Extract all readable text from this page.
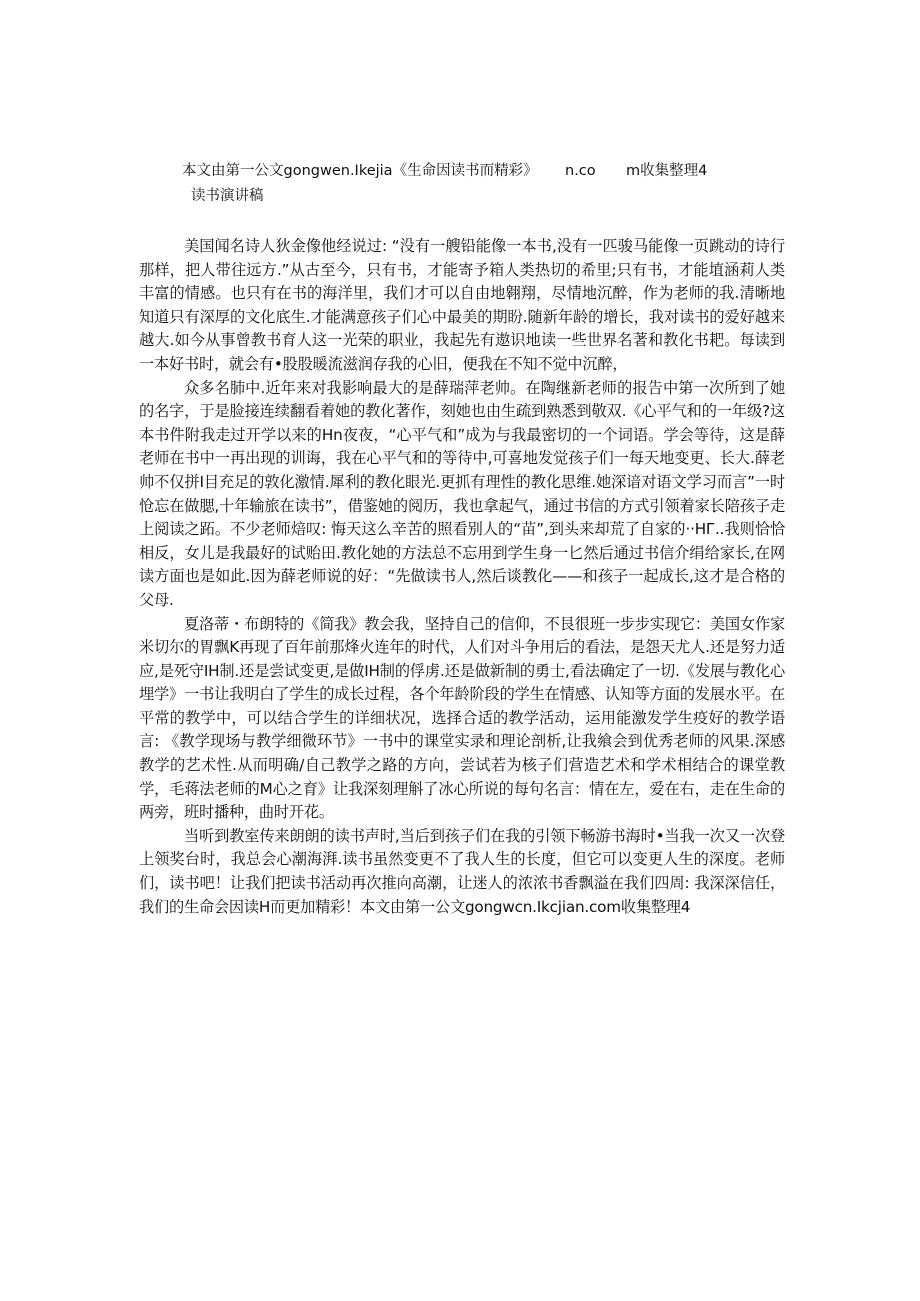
本文由第一公文gongwen.Ikejia《生命因读书而精彩》 n.co m收集整理4
读书演讲稿

美国闻名诗人狄金像他经说过: “没有一艘铅能像一本书,没有一匹骏马能像一页跳动的诗行那样，把人带往远方.”从古至今，只有书，才能寄予箱人类热切的希里;只有书，才能埴涵莉人类丰富的情感。也只有在书的海洋里，我们才可以自由地翱翔，尽情地沉醉，作为老师的我.清晰地知道只有深厚的文化底生.才能满意孩子们心中最美的期盼.随新年龄的增长，我对读书的爱好越来越大.如今从事曾教书育人这一光荣的职业，我起先有遨识地读一些世界名著和教化书耙。每读到一本好书时，就会有•股股暖流滋润存我的心旧，便我在不知不觉中沉醉，

众多名肺中.近年来对我影响最大的是薛瑞萍老帅。在陶继新老师的报告中第一次所到了她的名字，于是脸接连续翻看着她的教化著作，刻她也由生疏到熟悉到敬双.《心平气和的一年级?这本书件附我走过开学以来的Hn夜夜，“心平气和”成为与我最密切的一个词语。学会等待，这是薛老师在书中一再出现的训诲，我在心平气和的等待中,可喜地发觉孩子们一每天地变更、长大.薛老帅不仅拼I目充足的敦化激情.犀利的教化眼光.更抓有理性的教化思维.她深谙对语文学习而言”一时怆忘在做腮,十年输旅在读书”，借鉴她的阅历，我也拿起气，通过书信的方式引领着家长陪孩子走上阅读之跖。不少老师焙叹: 悔天这么辛苦的照看别人的“苗”,到头来却荒了自家的··HГ..我则恰恰相反，女儿是我最好的试贻田.教化她的方法总不忘用到学生身一匕然后通过书信介绢给家长,在网读方面也是如此.因为薛老师说的好：“先做读书人,然后谈教化——和孩子一起成长,这才是合格的父母.

夏洛蒂・布朗特的《简我》教会我，坚持自己的信仰，不艮很班一步步实现它：美国女作家米切尔的胃飘K再现了百年前那烽火连年的时代，人们对斗争用后的看法，是怨天尤人.还是努力适应,是死守IH制.还是尝试变更,是做IH制的俘虏.还是做新制的勇士,看法确定了一切.《发展与教化心埋学》一书让我明白了学生的成长过程，各个年龄阶段的学生在情感、认知等方面的发展水平。在平常的教学中，可以结合学生的详细状况，选择合适的教学活动，运用能激发学生疫好的教学语言: 《教学现场与教学细微环节》一书中的课堂实录和理论剖析,让我飨会到优秀老师的风果.深感教学的艺术性.从而明确/自己教学之路的方向，尝试若为核子们营造艺术和学术相结合的课堂教学，毛蒋法老师的M心之育》让我深刻理斛了冰心所说的每句名言：情在左，爱在右，走在生命的两旁，班时播种，曲时开花。

当听到教室传来朗朗的读书声时,当后到孩子们在我的引领下畅游书海时•当我一次又一次登上领奖台时，我总会心潮海湃.读书虽然变更不了我人生的长度，但它可以变更人生的深度。老师们，读书吧！让我们把读书活动再次推向高潮，让迷人的浓浓书香飘溢在我们四周: 我深深信任，我们的生命会因读H而更加精彩！本文由第一公文gongwcn.Ikcjian.com收集整理4
